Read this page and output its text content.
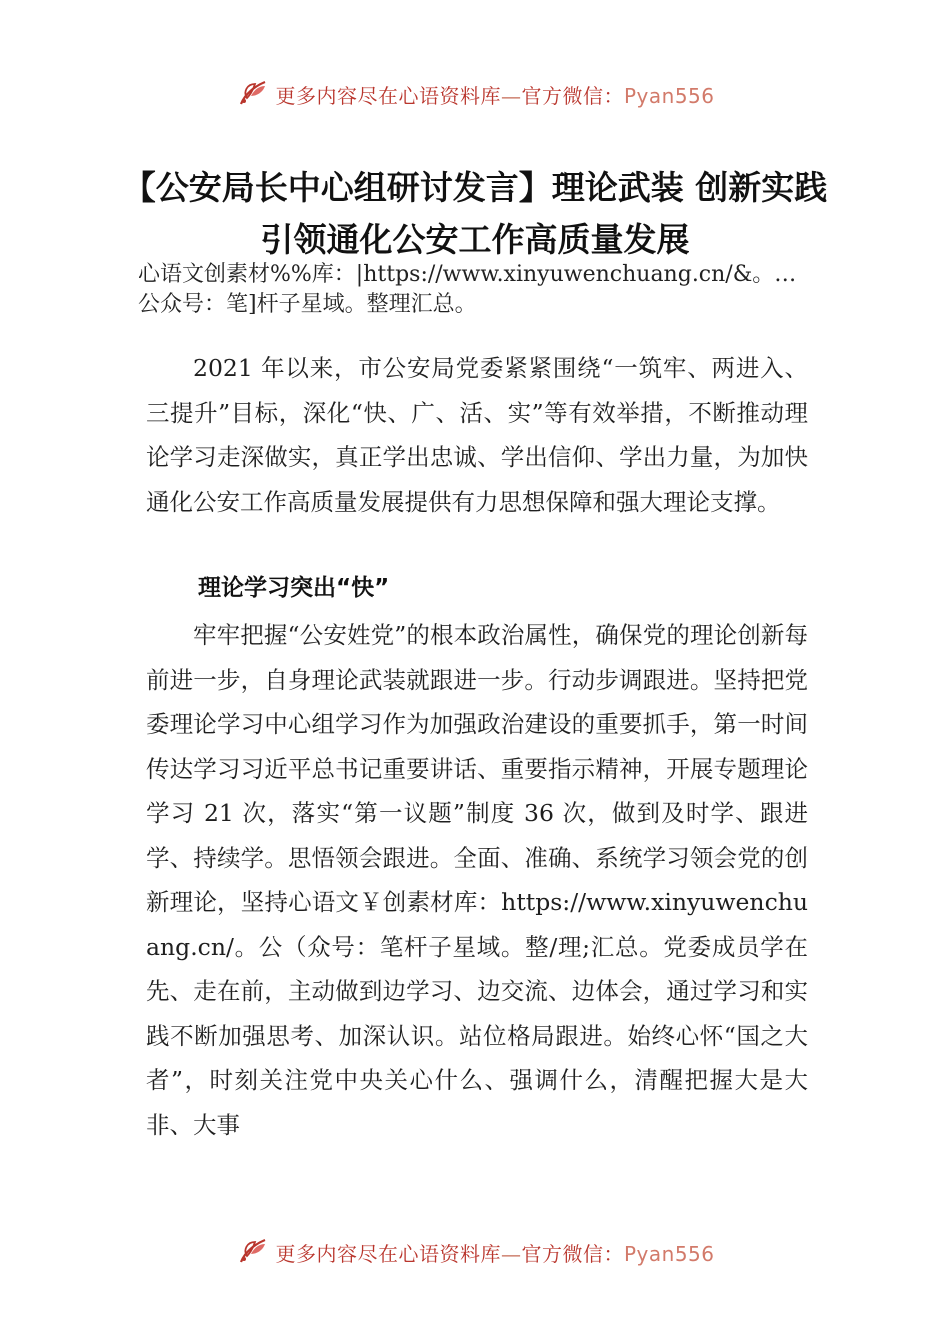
更多内容尽在心语资料库—官方微信：Pyan556
【公安局长中心组研讨发言】理论武装 创新实践 引领通化公安工作高质量发展

心语文创素材%%库：|https://www.xinyuwenchuang.cn/&。…公众号：笔]杆子星域。整理汇总。

2021 年以来，市公安局党委紧紧围绕“一筑牢、两进入、三提升”目标，深化“快、广、活、实”等有效举措，不断推动理论学习走深做实，真正学出忠诚、学出信仰、学出力量，为加快通化公安工作高质量发展提供有力思想保障和强大理论支撑。

理论学习突出“快”

牢牢把握“公安姓党”的根本政治属性，确保党的理论创新每前进一步，自身理论武装就跟进一步。行动步调跟进。坚持把党委理论学习中心组学习作为加强政治建设的重要抓手，第一时间传达学习习近平总书记重要讲话、重要指示精神，开展专题理论学习 21 次，落实“第一议题”制度 36 次，做到及时学、跟进学、持续学。思悟领会跟进。全面、准确、系统学习领会党的创新理论，坚持心语文￥创素材库：https://www.xinyuwenchuang.cn/。公（众号：笔杆子星域。整/理;汇总。党委成员学在先、走在前，主动做到边学习、边交流、边体会，通过学习和实践不断加强思考、加深认识。站位格局跟进。始终心怀“国之大者”，时刻关注党中央关心什么、强调什么，清醒把握大是大非、大事

更多内容尽在心语资料库—官方微信：Pyan556
